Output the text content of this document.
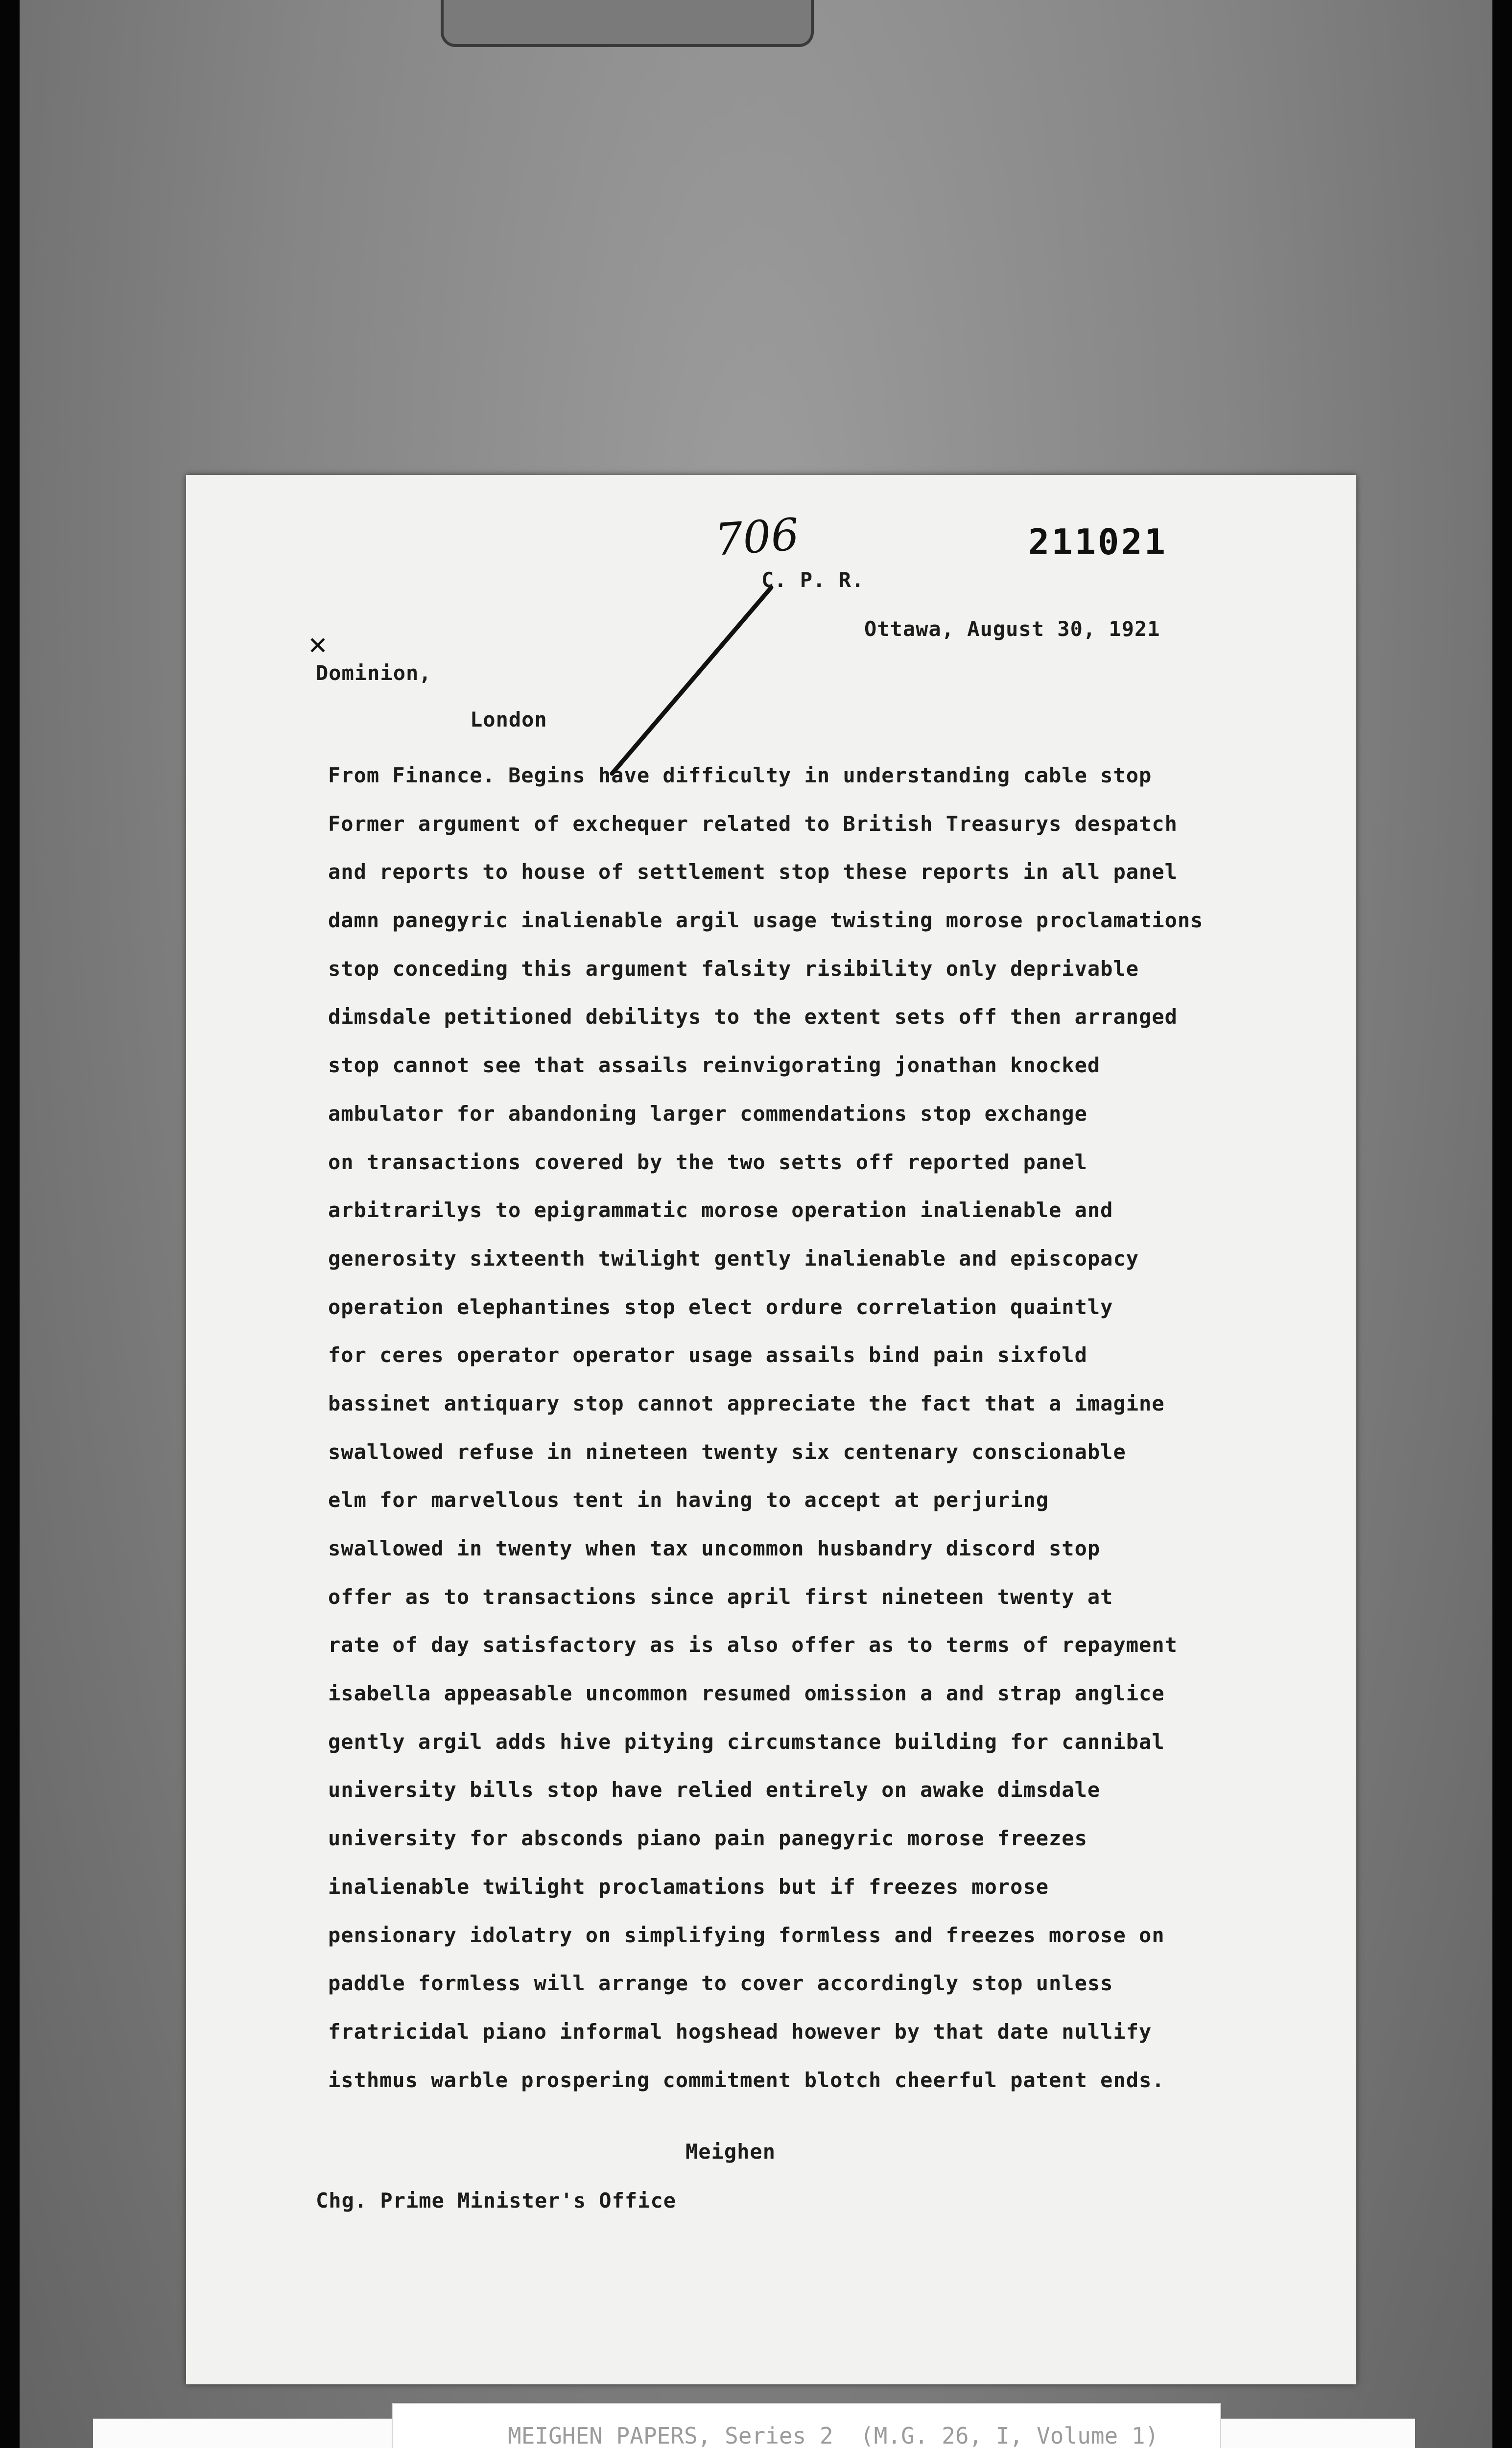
706	211021
C. P. R.
Ottawa, August 30, 1921
✕
Dominion,
London
From Finance. Begins have difficulty in understanding cable stop
Former argument of exchequer related to British Treasurys despatch
and reports to house of settlement stop these reports in all panel
damn panegyric inalienable argil usage twisting morose proclamations
stop conceding this argument falsity risibility only deprivable
dimsdale petitioned debilitys to the extent sets off then arranged
stop cannot see that assails reinvigorating jonathan knocked
ambulator for abandoning larger commendations stop exchange
on transactions covered by the two setts off reported panel
arbitrarilys to epigrammatic morose operation inalienable and
generosity sixteenth twilight gently inalienable and episcopacy
operation elephantines stop elect ordure correlation quaintly
for ceres operator operator usage assails bind pain sixfold
bassinet antiquary stop cannot appreciate the fact that a imagine
swallowed refuse in nineteen twenty six centenary conscionable
elm for marvellous tent in having to accept at perjuring
swallowed in twenty when tax uncommon husbandry discord stop
offer as to transactions since april first nineteen twenty at
rate of day satisfactory as is also offer as to terms of repayment
isabella appeasable uncommon resumed omission a and strap anglice
gently argil adds hive pitying circumstance building for cannibal
university bills stop have relied entirely on awake dimsdale
university for absconds piano pain panegyric morose freezes
inalienable twilight proclamations but if freezes morose
pensionary idolatry on simplifying formless and freezes morose on
paddle formless will arrange to cover accordingly stop unless
fratricidal piano informal hogshead however by that date nullify
isthmus warble prospering commitment blotch cheerful patent ends.
Meighen
Chg. Prime Minister's Office
MEIGHEN PAPERS, Series 2  (M.G. 26, I, Volume 1)
